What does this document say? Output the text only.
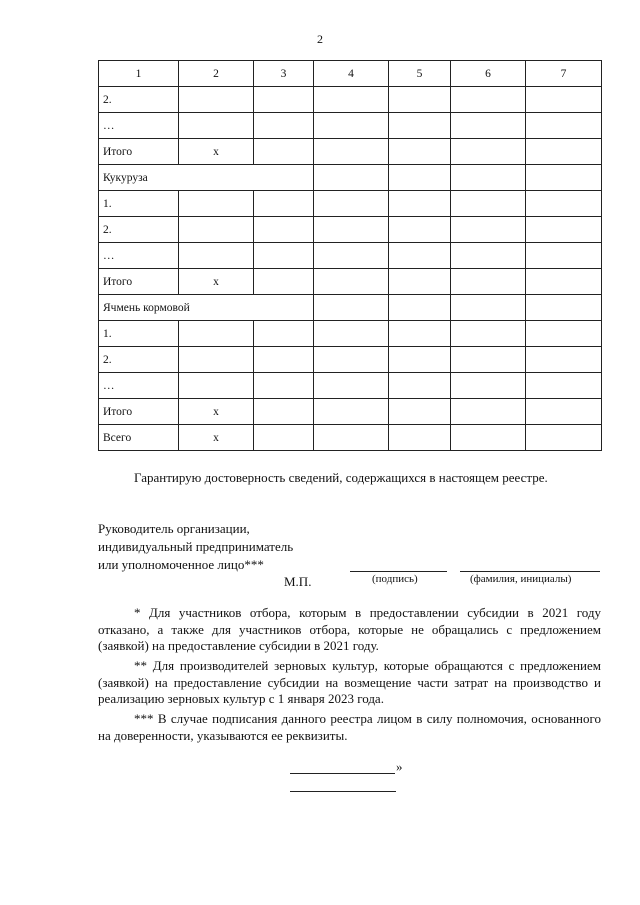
2
1	2	3	4	5	6	7
2.						
…						
Итого	x					
Кукуруза						
1.						
2.						
…						
Итого	x					
Ячмень кормовой						
1.						
2.						
…						
Итого	x					
Всего	x					
Гарантирую достоверность сведений, содержащихся в настоящем реестре.
Руководитель организации,
индивидуальный предприниматель
или уполномоченное лицо***
М.П.	(подпись)	(фамилия, инициалы)
* Для участников отбора, которым в предоставлении субсидии в 2021 году отказано, а также для участников отбора, которые не обращались с предложением (заявкой) на предоставление субсидии в 2021 году.
** Для производителей зерновых культур, которые обращаются с предложением (заявкой) на предоставление субсидии на возмещение части затрат на производство и реализацию зерновых культур с 1 января 2023 года.
*** В случае подписания данного реестра лицом в силу полномочия, основанного на доверенности, указываются ее реквизиты.
»
